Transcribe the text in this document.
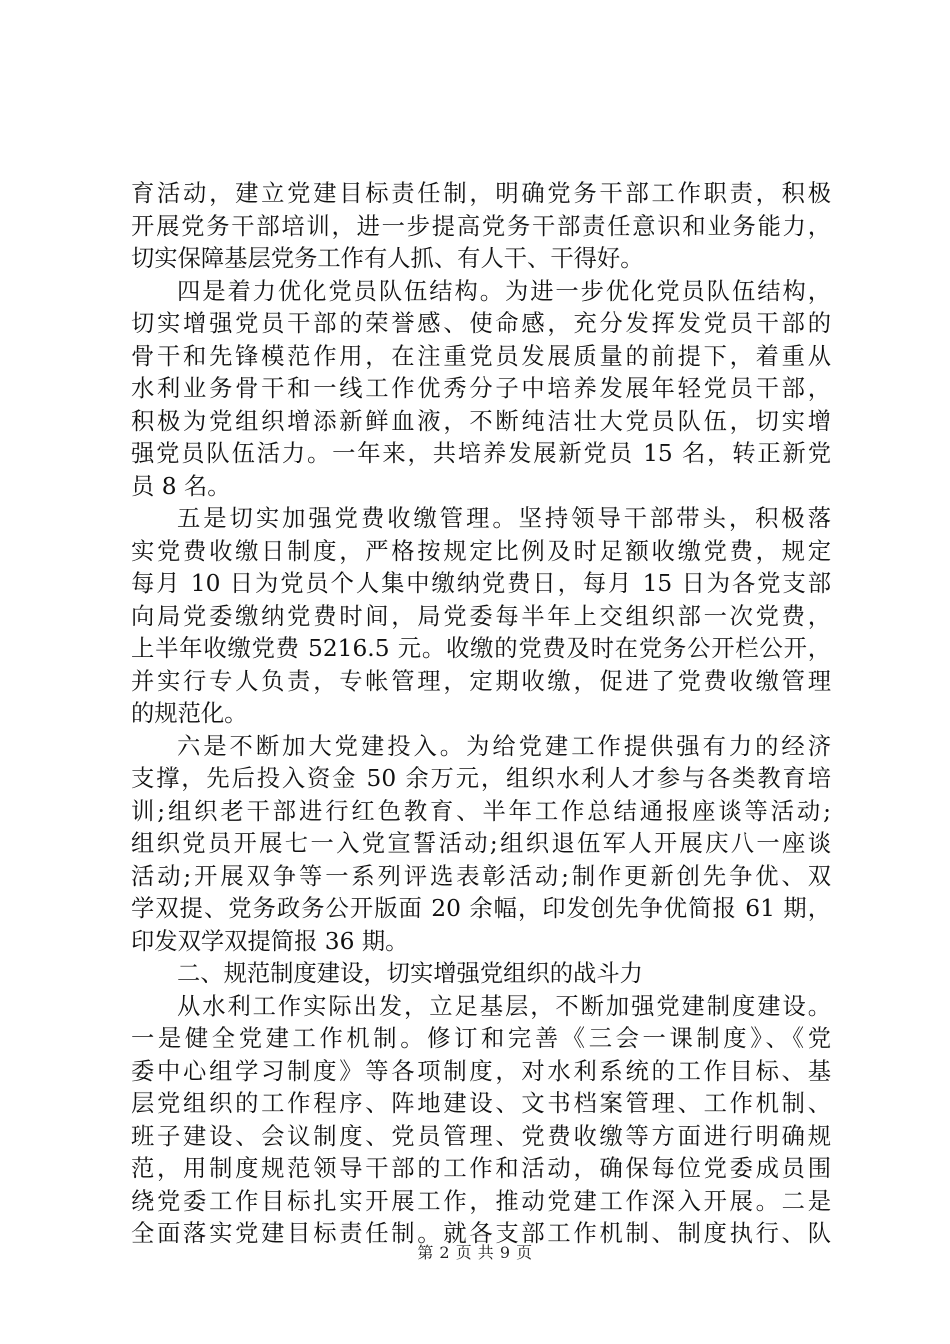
育活动，建立党建目标责任制，明确党务干部工作职责，积极
开展党务干部培训，进一步提高党务干部责任意识和业务能力，
切实保障基层党务工作有人抓、有人干、干得好。
四是着力优化党员队伍结构。为进一步优化党员队伍结构，
切实增强党员干部的荣誉感、使命感，充分发挥发党员干部的
骨干和先锋模范作用，在注重党员发展质量的前提下，着重从
水利业务骨干和一线工作优秀分子中培养发展年轻党员干部，
积极为党组织增添新鲜血液，不断纯洁壮大党员队伍，切实增
强党员队伍活力。一年来，共培养发展新党员 15 名，转正新党
员 8 名。
五是切实加强党费收缴管理。坚持领导干部带头，积极落
实党费收缴日制度，严格按规定比例及时足额收缴党费，规定
每月 10 日为党员个人集中缴纳党费日，每月 15 日为各党支部
向局党委缴纳党费时间，局党委每半年上交组织部一次党费，
上半年收缴党费 5216.5 元。收缴的党费及时在党务公开栏公开，
并实行专人负责，专帐管理，定期收缴，促进了党费收缴管理
的规范化。
六是不断加大党建投入。为给党建工作提供强有力的经济
支撑，先后投入资金 50 余万元，组织水利人才参与各类教育培
训;组织老干部进行红色教育、半年工作总结通报座谈等活动;
组织党员开展七一入党宣誓活动;组织退伍军人开展庆八一座谈
活动;开展双争等一系列评选表彰活动;制作更新创先争优、双
学双提、党务政务公开版面 20 余幅，印发创先争优简报 61 期，
印发双学双提简报 36 期。
二、规范制度建设，切实增强党组织的战斗力
从水利工作实际出发，立足基层，不断加强党建制度建设。
一是健全党建工作机制。修订和完善《三会一课制度》、《党
委中心组学习制度》等各项制度，对水利系统的工作目标、基
层党组织的工作程序、阵地建设、文书档案管理、工作机制、
班子建设、会议制度、党员管理、党费收缴等方面进行明确规
范，用制度规范领导干部的工作和活动，确保每位党委成员围
绕党委工作目标扎实开展工作，推动党建工作深入开展。二是
全面落实党建目标责任制。就各支部工作机制、制度执行、队
第 2 页 共 9 页
